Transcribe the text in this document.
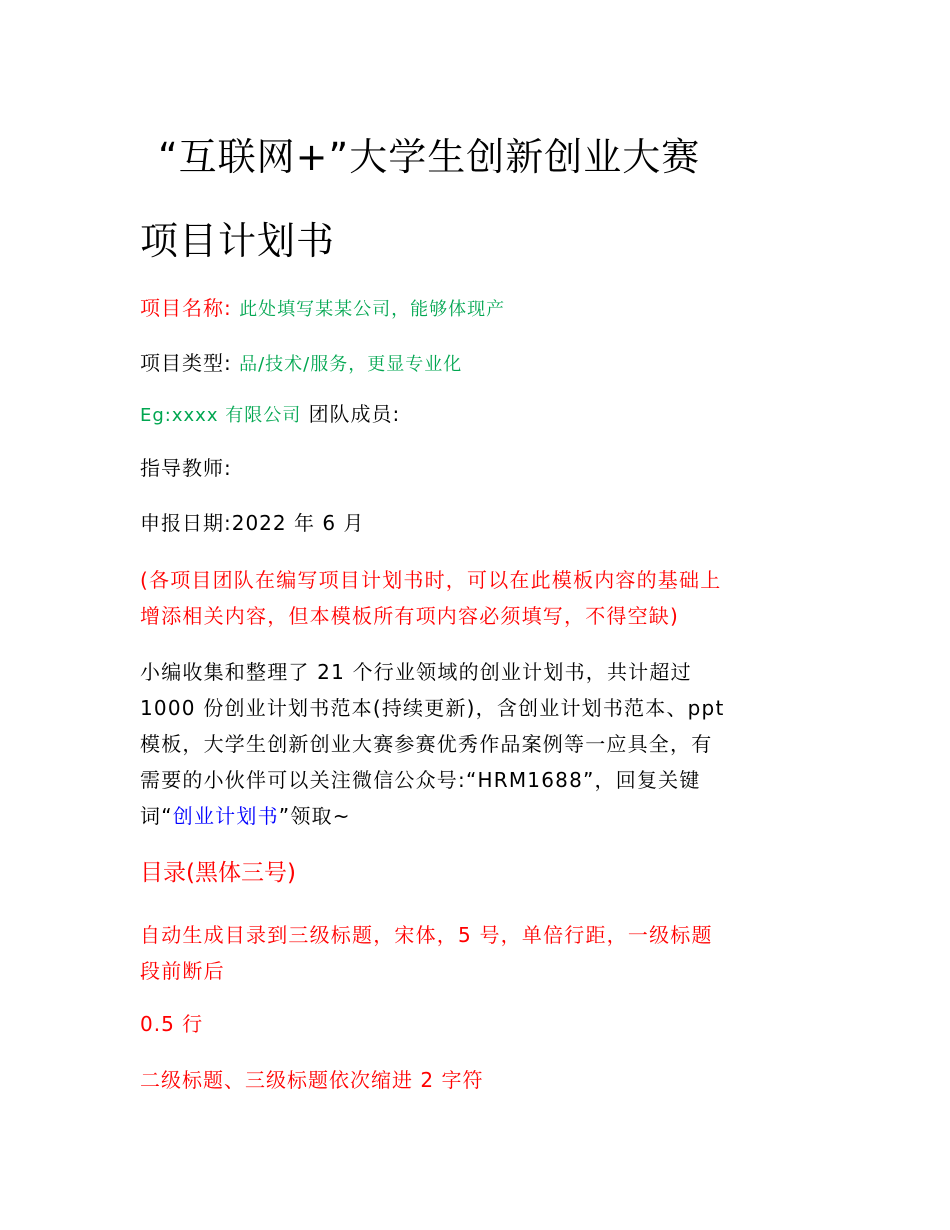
“互联网+”大学生创新创业大赛
项目计划书
项目名称: 此处填写某某公司，能够体现产
项目类型: 品/技术/服务，更显专业化
Eg:xxxx 有限公司 团队成员:
指导教师:
申报日期:2022 年 6 月
(各项目团队在编写项目计划书时，可以在此模板内容的基础上
增添相关内容，但本模板所有项内容必须填写，不得空缺)
小编收集和整理了 21 个行业领域的创业计划书，共计超过
1000 份创业计划书范本(持续更新)，含创业计划书范本、ppt
模板，大学生创新创业大赛参赛优秀作品案例等一应具全，有
需要的小伙伴可以关注微信公众号:“HRM1688”，回复关键
词“创业计划书”领取~
目录(黑体三号)
自动生成目录到三级标题，宋体，5 号，单倍行距，一级标题
段前断后
0.5 行
二级标题、三级标题依次缩进 2 字符
